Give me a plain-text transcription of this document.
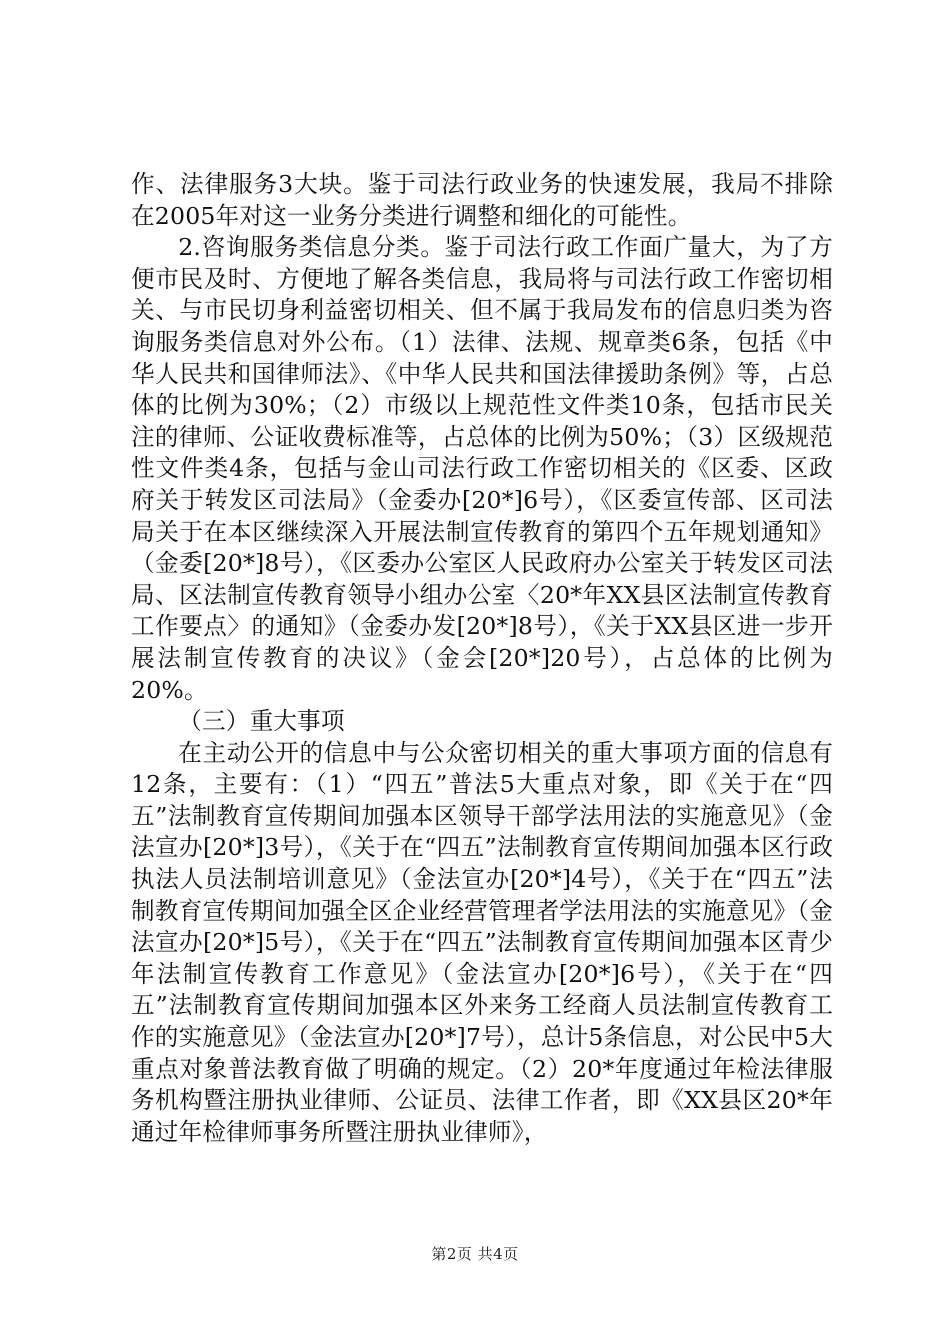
作、法律服务3大块。鉴于司法行政业务的快速发展，我局不排除在2005年对这一业务分类进行调整和细化的可能性。

2.咨询服务类信息分类。鉴于司法行政工作面广量大，为了方便市民及时、方便地了解各类信息，我局将与司法行政工作密切相关、与市民切身利益密切相关、但不属于我局发布的信息归类为咨询服务类信息对外公布。（1）法律、法规、规章类6条，包括《中华人民共和国律师法》、《中华人民共和国法律援助条例》等，占总体的比例为30%；（2）市级以上规范性文件类10条，包括市民关注的律师、公证收费标准等，占总体的比例为50%；（3）区级规范性文件类4条，包括与金山司法行政工作密切相关的《区委、区政府关于转发区司法局》（金委办[20*]6号），《区委宣传部、区司法局关于在本区继续深入开展法制宣传教育的第四个五年规划通知》（金委[20*]8号），《区委办公室区人民政府办公室关于转发区司法局、区法制宣传教育领导小组办公室〈20*年XX县区法制宣传教育工作要点〉的通知》（金委办发[20*]8号），《关于XX县区进一步开展法制宣传教育的决议》（金会[20*]20号），占总体的比例为20%。

（三）重大事项

在主动公开的信息中与公众密切相关的重大事项方面的信息有12条，主要有：（1）“四五”普法5大重点对象，即《关于在“四五”法制教育宣传期间加强本区领导干部学法用法的实施意见》（金法宣办[20*]3号），《关于在“四五”法制教育宣传期间加强本区行政执法人员法制培训意见》（金法宣办[20*]4号），《关于在“四五”法制教育宣传期间加强全区企业经营管理者学法用法的实施意见》（金法宣办[20*]5号），《关于在“四五”法制教育宣传期间加强本区青少年法制宣传教育工作意见》（金法宣办[20*]6号），《关于在“四五”法制教育宣传期间加强本区外来务工经商人员法制宣传教育工作的实施意见》（金法宣办[20*]7号），总计5条信息，对公民中5大重点对象普法教育做了明确的规定。（2）20*年度通过年检法律服务机构暨注册执业律师、公证员、法律工作者，即《XX县区20*年通过年检律师事务所暨注册执业律师》，

第2页 共4页
